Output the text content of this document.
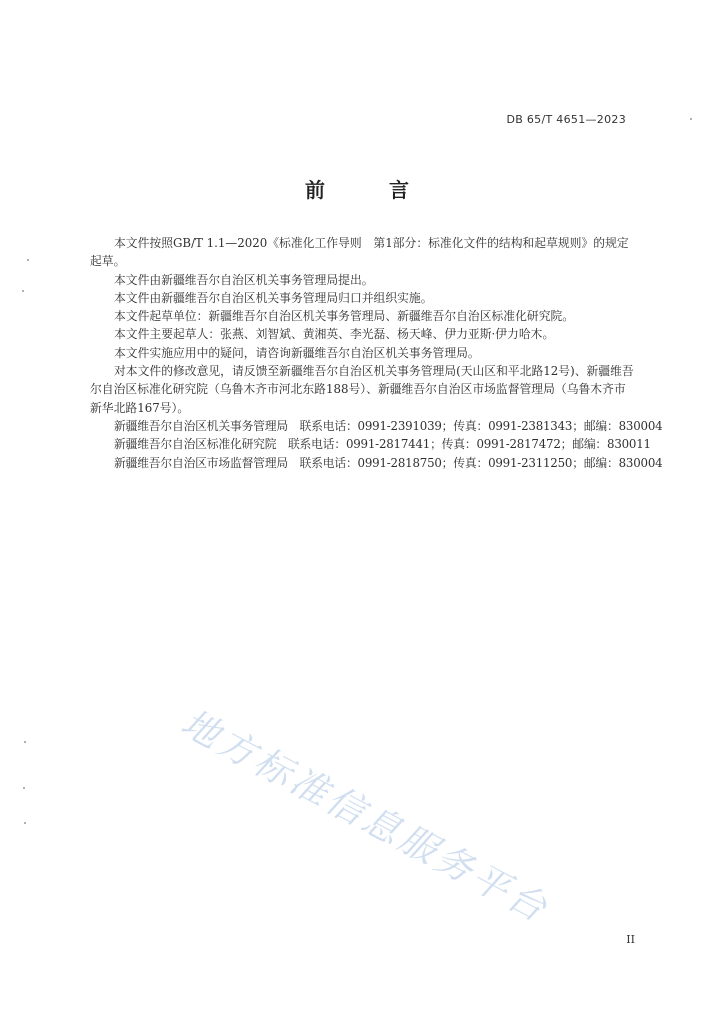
DB 65/T 4651—2023
前　言

本文件按照GB/T 1.1—2020《标准化工作导则　第1部分：标准化文件的结构和起草规则》的规定起草。

本文件由新疆维吾尔自治区机关事务管理局提出。

本文件由新疆维吾尔自治区机关事务管理局归口并组织实施。

本文件起草单位：新疆维吾尔自治区机关事务管理局、新疆维吾尔自治区标准化研究院。

本文件主要起草人：张燕、刘智斌、黄湘英、李光磊、杨天峰、伊力亚斯·伊力哈木。

本文件实施应用中的疑问，请咨询新疆维吾尔自治区机关事务管理局。

对本文件的修改意见，请反馈至新疆维吾尔自治区机关事务管理局(天山区和平北路12号)、新疆维吾尔自治区标准化研究院（乌鲁木齐市河北东路188号）、新疆维吾尔自治区市场监督管理局（乌鲁木齐市新华北路167号）。

新疆维吾尔自治区机关事务管理局　联系电话：0991-2391039；传真：0991-2381343；邮编：830004

新疆维吾尔自治区标准化研究院　联系电话：0991-2817441；传真：0991-2817472；邮编：830011

新疆维吾尔自治区市场监督管理局　联系电话：0991-2818750；传真：0991-2311250；邮编：830004

地方标准信息服务平台
II
